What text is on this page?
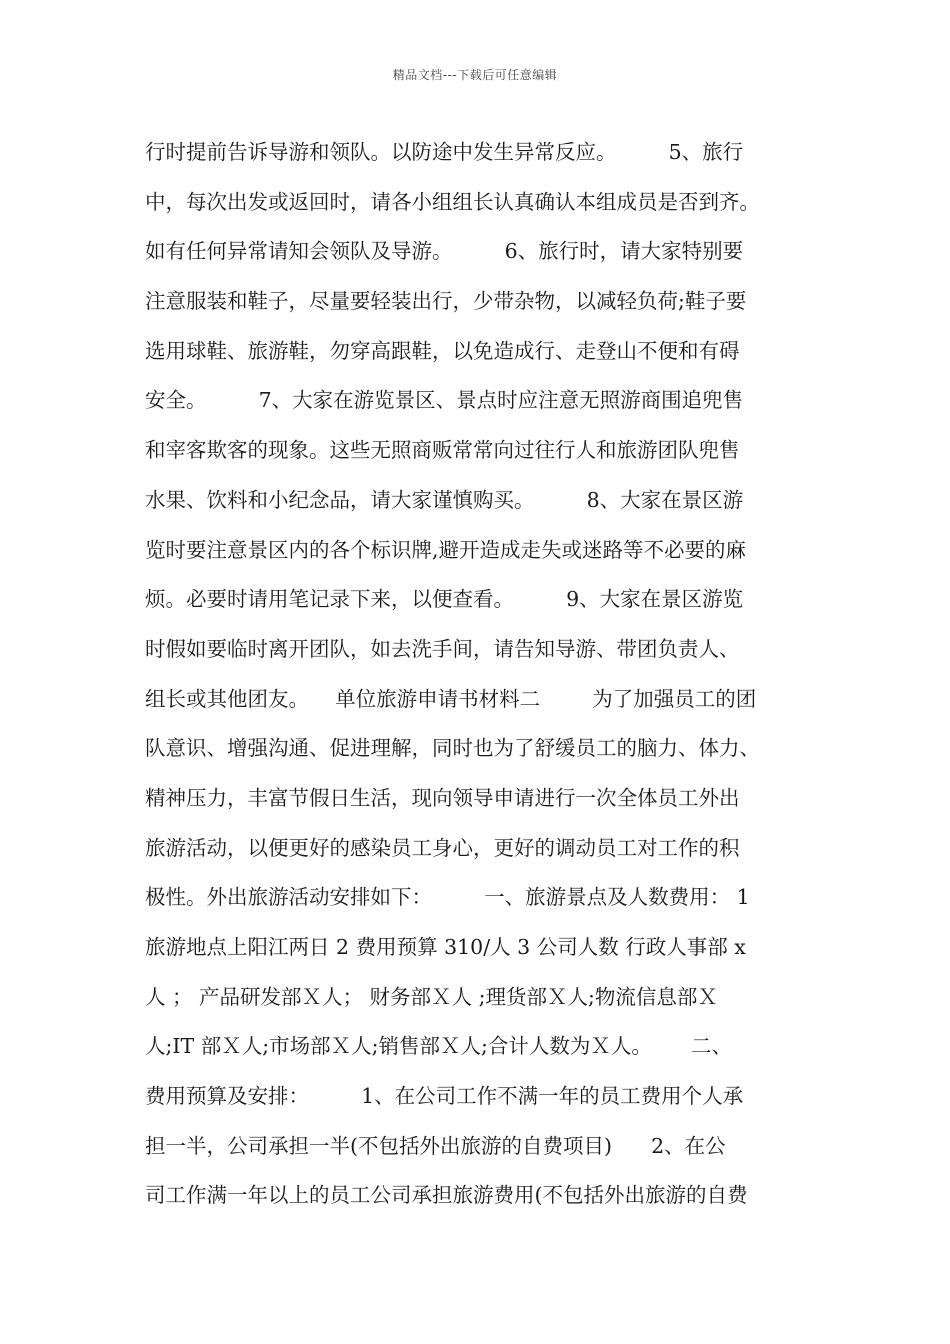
精品文档---下载后可任意编辑
行时提前告诉导游和领队。以防途中发生异常反应。        5、旅行
中，每次出发或返回时，请各小组组长认真确认本组成员是否到齐。
如有任何异常请知会领队及导游。        6、旅行时，请大家特别要
注意服装和鞋子，尽量要轻装出行，少带杂物，以减轻负荷;鞋子要
选用球鞋、旅游鞋，勿穿高跟鞋，以免造成行、走登山不便和有碍
安全。        7、大家在游览景区、景点时应注意无照游商围追兜售
和宰客欺客的现象。这些无照商贩常常向过往行人和旅游团队兜售
水果、饮料和小纪念品，请大家谨慎购买。        8、大家在景区游
览时要注意景区内的各个标识牌,避开造成走失或迷路等不必要的麻
烦。必要时请用笔记录下来，以便查看。        9、大家在景区游览
时假如要临时离开团队，如去洗手间，请告知导游、带团负责人、
组长或其他团友。    单位旅游申请书材料二        为了加强员工的团
队意识、增强沟通、促进理解，同时也为了舒缓员工的脑力、体力、
精神压力，丰富节假日生活，现向领导申请进行一次全体员工外出
旅游活动，以便更好的感染员工身心，更好的调动员工对工作的积
极性。外出旅游活动安排如下：        一、旅游景点及人数费用： 1
旅游地点上阳江两日 2 费用预算 310/人 3 公司人数 行政人事部 x
人 ； 产品研发部Ｘ人； 财务部Ｘ人 ;理货部Ｘ人;物流信息部Ｘ
人;IT 部Ｘ人;市场部Ｘ人;销售部Ｘ人;合计人数为Ｘ人。      二、
费用预算及安排：        1、在公司工作不满一年的员工费用个人承
担一半，公司承担一半(不包括外出旅游的自费项目)      2、在公
司工作满一年以上的员工公司承担旅游费用(不包括外出旅游的自费
